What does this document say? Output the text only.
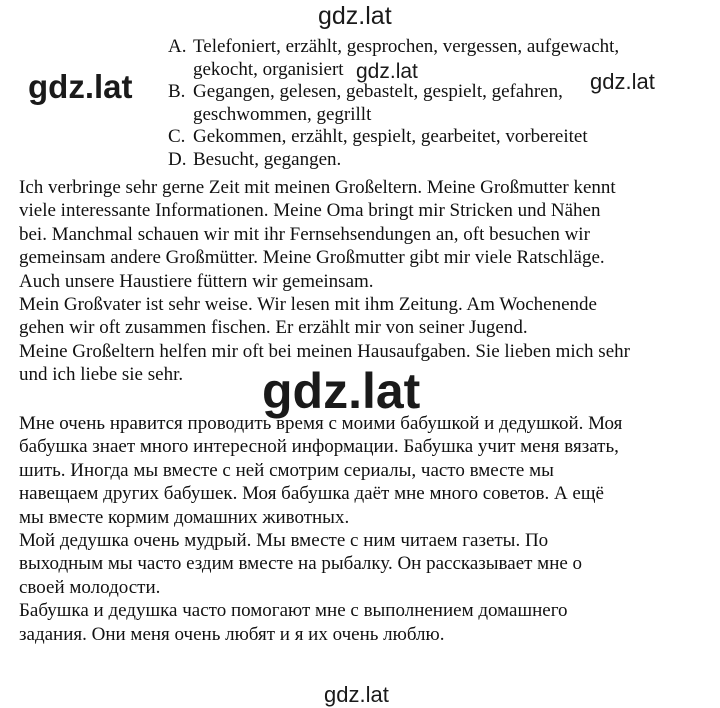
A. Telefoniert, erzählt, gesprochen, vergessen, aufgewacht,
gekocht, organisiert
B. Gegangen, gelesen, gebastelt, gespielt, gefahren,
geschwommen, gegrillt
C. Gekommen, erzählt, gespielt, gearbeitet, vorbereitet
D. Besucht, gegangen.
Ich verbringe sehr gerne Zeit mit meinen Großeltern. Meine Großmutter kennt
viele interessante Informationen. Meine Oma bringt mir Stricken und Nähen
bei. Manchmal schauen wir mit ihr Fernsehsendungen an, oft besuchen wir
gemeinsam andere Großmütter. Meine Großmutter gibt mir viele Ratschläge.
Auch unsere Haustiere füttern wir gemeinsam.
Mein Großvater ist sehr weise. Wir lesen mit ihm Zeitung. Am Wochenende
gehen wir oft zusammen fischen. Er erzählt mir von seiner Jugend.
Meine Großeltern helfen mir oft bei meinen Hausaufgaben. Sie lieben mich sehr
und ich liebe sie sehr.
Мне очень нравится проводить время с моими бабушкой и дедушкой. Моя
бабушка знает много интересной информации. Бабушка учит меня вязать,
шить. Иногда мы вместе с ней смотрим сериалы, часто вместе мы
навещаем других бабушек. Моя бабушка даёт мне много советов. А ещё
мы вместе кормим домашних животных.
Мой дедушка очень мудрый. Мы вместе с ним читаем газеты. По
выходным мы часто ездим вместе на рыбалку. Он рассказывает мне о
своей молодости.
Бабушка и дедушка часто помогают мне с выполнением домашнего
задания. Они меня очень любят и я их очень люблю.
gdz.lat
gdz.lat	gdz.lat	gdz.lat
gdz.lat
gdz.lat
